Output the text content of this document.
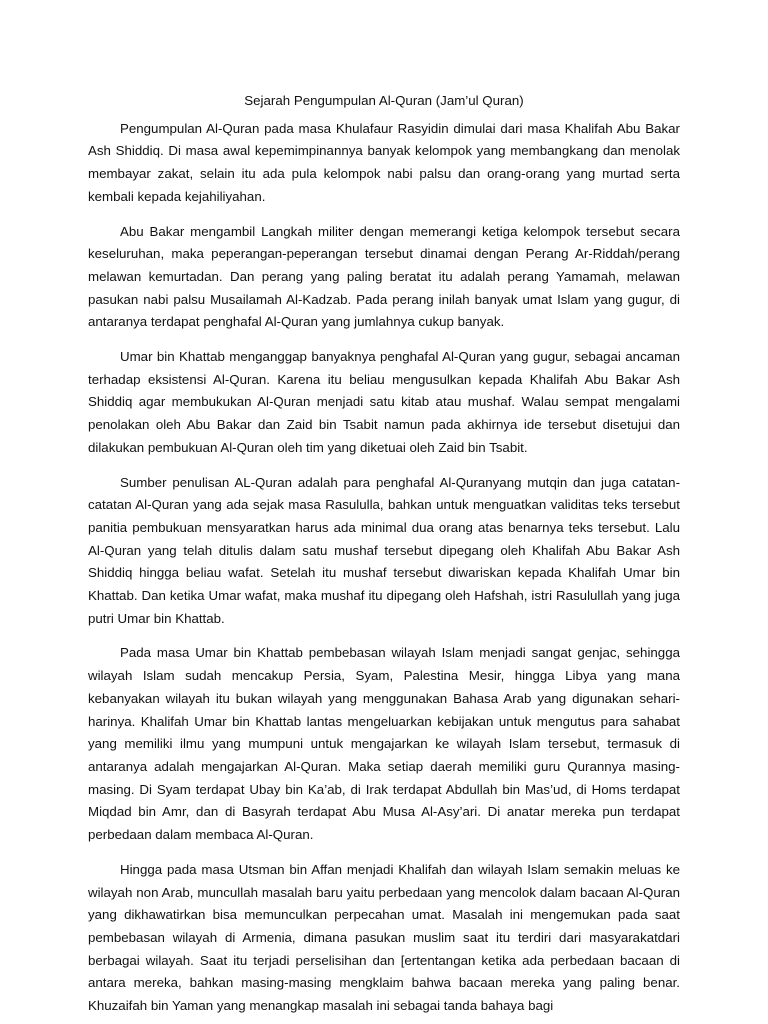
Sejarah Pengumpulan Al-Quran (Jam’ul Quran)

Pengumpulan Al-Quran pada masa Khulafaur Rasyidin dimulai dari masa Khalifah Abu Bakar Ash Shiddiq. Di masa awal kepemimpinannya banyak kelompok yang membangkang dan menolak membayar zakat, selain itu ada pula kelompok nabi palsu dan orang-orang yang murtad serta kembali kepada kejahiliyahan.

Abu Bakar mengambil Langkah militer dengan memerangi ketiga kelompok tersebut secara keseluruhan, maka peperangan-peperangan tersebut dinamai dengan Perang Ar-Riddah/perang melawan kemurtadan. Dan perang yang paling beratat itu adalah perang Yamamah, melawan pasukan nabi palsu Musailamah Al-Kadzab. Pada perang inilah banyak umat Islam yang gugur, di antaranya terdapat penghafal Al-Quran yang jumlahnya cukup banyak.

Umar bin Khattab menganggap banyaknya penghafal Al-Quran yang gugur, sebagai ancaman terhadap eksistensi Al-Quran. Karena itu beliau mengusulkan kepada Khalifah Abu Bakar Ash Shiddiq agar membukukan Al-Quran menjadi satu kitab atau mushaf. Walau sempat mengalami penolakan oleh Abu Bakar dan Zaid bin Tsabit namun pada akhirnya ide tersebut disetujui dan dilakukan pembukuan Al-Quran oleh tim yang diketuai oleh Zaid bin Tsabit.

Sumber penulisan AL-Quran adalah para penghafal Al-Quranyang mutqin dan juga catatan-catatan Al-Quran yang ada sejak masa Rasululla, bahkan untuk menguatkan validitas teks tersebut panitia pembukuan mensyaratkan harus ada minimal dua orang atas benarnya teks tersebut. Lalu Al-Quran yang telah ditulis dalam satu mushaf tersebut dipegang oleh Khalifah Abu Bakar Ash Shiddiq hingga beliau wafat. Setelah itu mushaf tersebut diwariskan kepada Khalifah Umar bin Khattab. Dan ketika Umar wafat, maka mushaf itu dipegang oleh Hafshah, istri Rasulullah yang juga putri Umar bin Khattab.

Pada masa Umar bin Khattab pembebasan wilayah Islam menjadi sangat genjac, sehingga wilayah Islam sudah mencakup Persia, Syam, Palestina Mesir, hingga Libya yang mana kebanyakan wilayah itu bukan wilayah yang menggunakan Bahasa Arab yang digunakan sehari-harinya. Khalifah Umar bin Khattab lantas mengeluarkan kebijakan untuk mengutus para sahabat yang memiliki ilmu yang mumpuni untuk mengajarkan ke wilayah Islam tersebut, termasuk di antaranya adalah mengajarkan Al-Quran. Maka setiap daerah memiliki guru Qurannya masing-masing. Di Syam terdapat Ubay bin Ka’ab, di Irak terdapat Abdullah bin Mas’ud, di Homs terdapat Miqdad bin Amr, dan di Basyrah terdapat Abu Musa Al-Asy’ari. Di anatar mereka pun terdapat perbedaan dalam membaca Al-Quran.

Hingga pada masa Utsman bin Affan menjadi Khalifah dan wilayah Islam semakin meluas ke wilayah non Arab, muncullah masalah baru yaitu perbedaan yang mencolok dalam bacaan Al-Quran yang dikhawatirkan bisa memunculkan perpecahan umat. Masalah ini mengemukan pada saat pembebasan wilayah di Armenia, dimana pasukan muslim saat itu terdiri dari masyarakatdari berbagai wilayah. Saat itu terjadi perselisihan dan [ertentangan ketika ada perbedaan bacaan di antara mereka, bahkan masing-masing mengklaim bahwa bacaan mereka yang paling benar. Khuzaifah bin Yaman yang menangkap masalah ini sebagai tanda bahaya bagi
